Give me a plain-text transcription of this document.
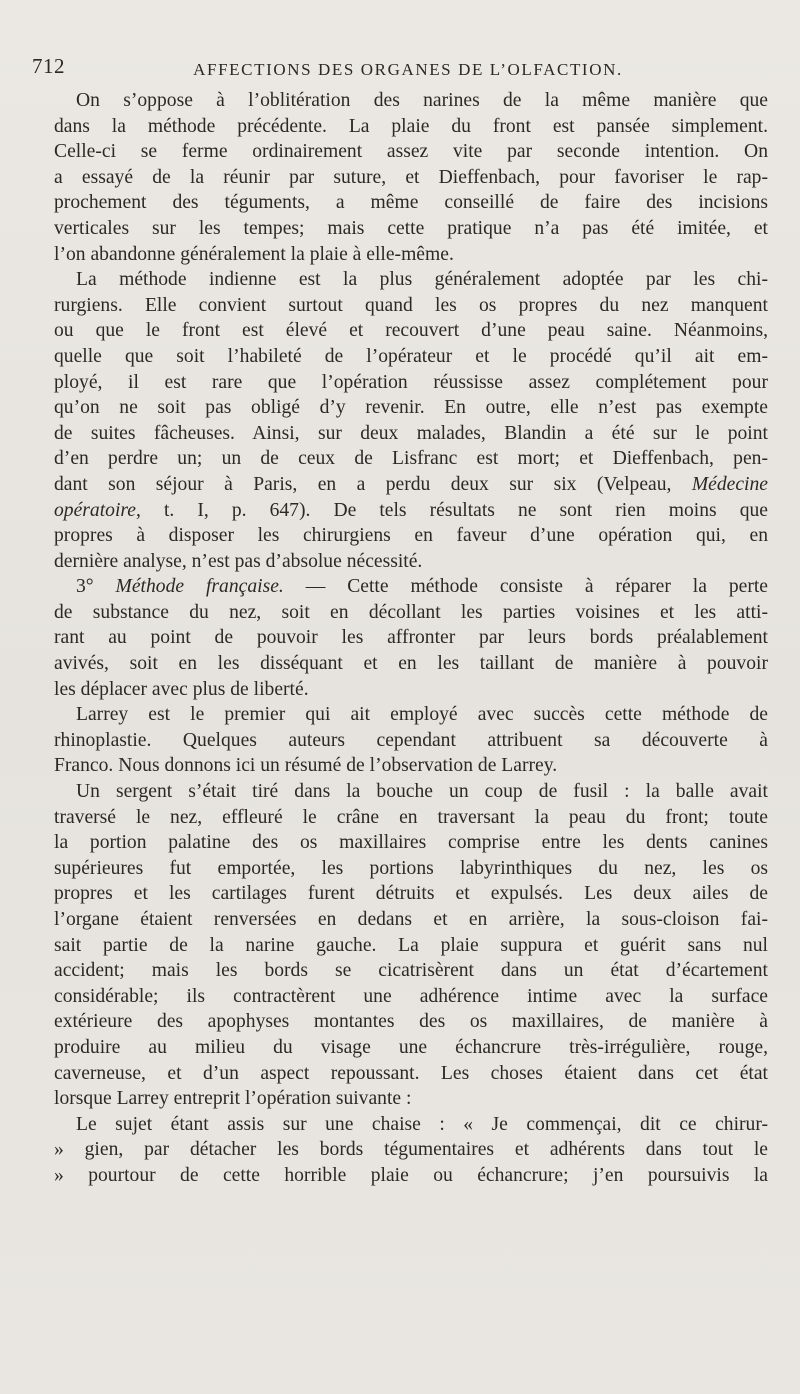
712	AFFECTIONS DES ORGANES DE L’OLFACTION.
On s’oppose à l’oblitération des narines de la même manière que
dans la méthode précédente. La plaie du front est pansée simplement.
Celle-ci se ferme ordinairement assez vite par seconde intention. On
a essayé de la réunir par suture, et Dieffenbach, pour favoriser le rap-
prochement des téguments, a même conseillé de faire des incisions
verticales sur les tempes; mais cette pratique n’a pas été imitée, et
l’on abandonne généralement la plaie à elle-même.
La méthode indienne est la plus généralement adoptée par les chi-
rurgiens. Elle convient surtout quand les os propres du nez manquent
ou que le front est élevé et recouvert d’une peau saine. Néanmoins,
quelle que soit l’habileté de l’opérateur et le procédé qu’il ait em-
ployé, il est rare que l’opération réussisse assez complétement pour
qu’on ne soit pas obligé d’y revenir. En outre, elle n’est pas exempte
de suites fâcheuses. Ainsi, sur deux malades, Blandin a été sur le point
d’en perdre un; un de ceux de Lisfranc est mort; et Dieffenbach, pen-
dant son séjour à Paris, en a perdu deux sur six (Velpeau, Médecine
opératoire, t. I, p. 647). De tels résultats ne sont rien moins que
propres à disposer les chirurgiens en faveur d’une opération qui, en
dernière analyse, n’est pas d’absolue nécessité.
3° Méthode française. — Cette méthode consiste à réparer la perte
de substance du nez, soit en décollant les parties voisines et les atti-
rant au point de pouvoir les affronter par leurs bords préalablement
avivés, soit en les disséquant et en les taillant de manière à pouvoir
les déplacer avec plus de liberté.
Larrey est le premier qui ait employé avec succès cette méthode de
rhinoplastie. Quelques auteurs cependant attribuent sa découverte à
Franco. Nous donnons ici un résumé de l’observation de Larrey.
Un sergent s’était tiré dans la bouche un coup de fusil : la balle avait
traversé le nez, effleuré le crâne en traversant la peau du front; toute
la portion palatine des os maxillaires comprise entre les dents canines
supérieures fut emportée, les portions labyrinthiques du nez, les os
propres et les cartilages furent détruits et expulsés. Les deux ailes de
l’organe étaient renversées en dedans et en arrière, la sous-cloison fai-
sait partie de la narine gauche. La plaie suppura et guérit sans nul
accident; mais les bords se cicatrisèrent dans un état d’écartement
considérable; ils contractèrent une adhérence intime avec la surface
extérieure des apophyses montantes des os maxillaires, de manière à
produire au milieu du visage une échancrure très-irrégulière, rouge,
caverneuse, et d’un aspect repoussant. Les choses étaient dans cet état
lorsque Larrey entreprit l’opération suivante :
Le sujet étant assis sur une chaise : « Je commençai, dit ce chirur-
» gien, par détacher les bords tégumentaires et adhérents dans tout le
» pourtour de cette horrible plaie ou échancrure; j’en poursuivis la
